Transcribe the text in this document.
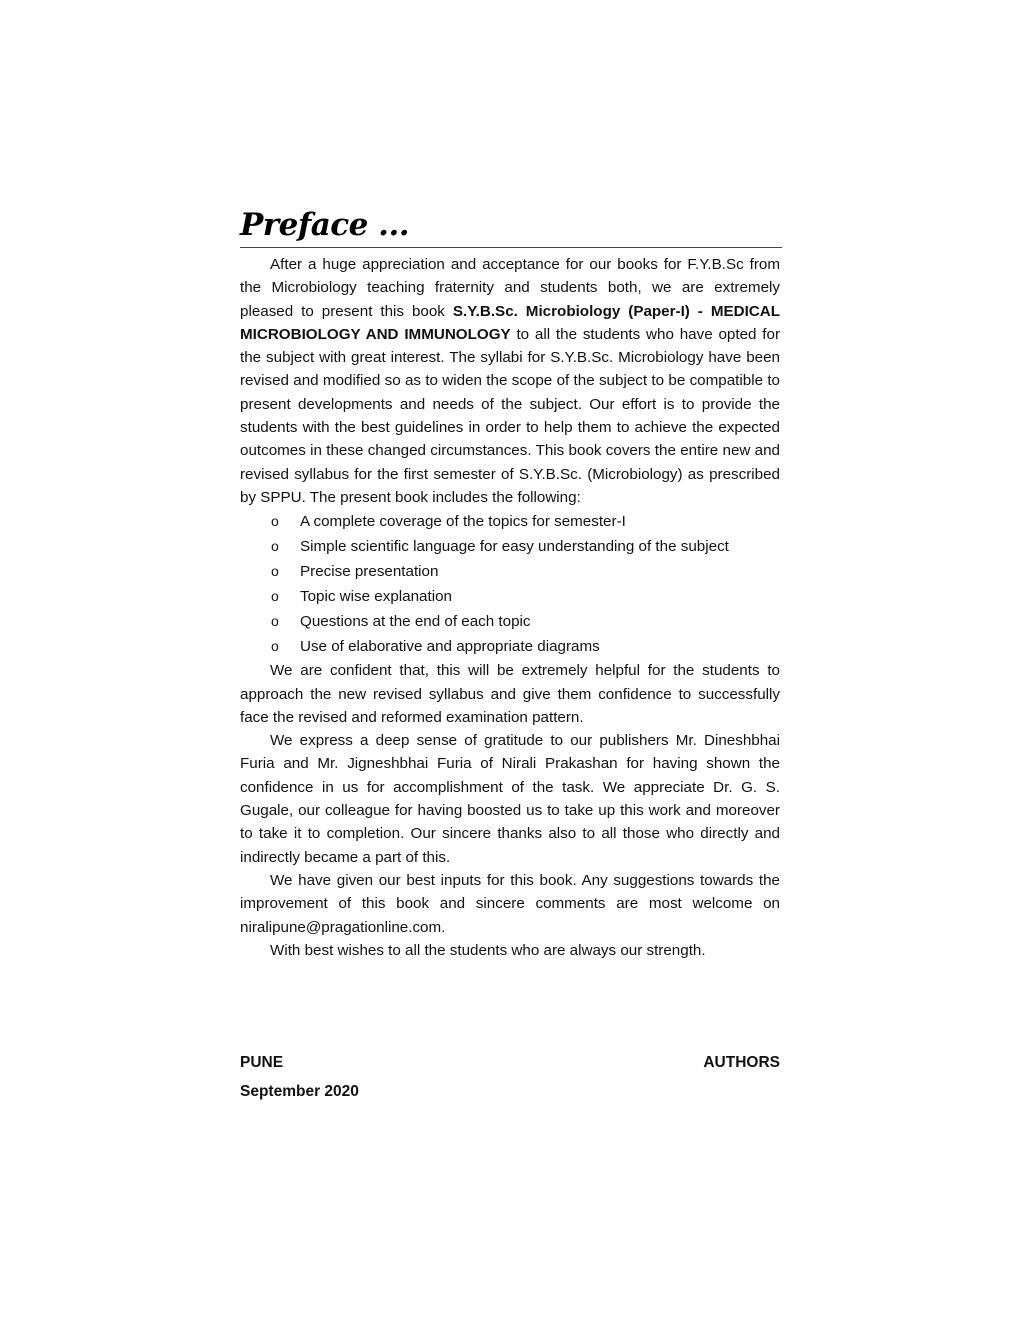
Preface ...

After a huge appreciation and acceptance for our books for F.Y.B.Sc from the Microbiology teaching fraternity and students both, we are extremely pleased to present this book S.Y.B.Sc. Microbiology (Paper-I) - MEDICAL MICROBIOLOGY AND IMMUNOLOGY to all the students who have opted for the subject with great interest. The syllabi for S.Y.B.Sc. Microbiology have been revised and modified so as to widen the scope of the subject to be compatible to present developments and needs of the subject. Our effort is to provide the students with the best guidelines in order to help them to achieve the expected outcomes in these changed circumstances. This book covers the entire new and revised syllabus for the first semester of S.Y.B.Sc. (Microbiology) as prescribed by SPPU. The present book includes the following:

o A complete coverage of the topics for semester-I
o Simple scientific language for easy understanding of the subject
o Precise presentation
o Topic wise explanation
o Questions at the end of each topic
o Use of elaborative and appropriate diagrams

We are confident that, this will be extremely helpful for the students to approach the new revised syllabus and give them confidence to successfully face the revised and reformed examination pattern.

We express a deep sense of gratitude to our publishers Mr. Dineshbhai Furia and Mr. Jigneshbhai Furia of Nirali Prakashan for having shown the confidence in us for accomplishment of the task. We appreciate Dr. G. S. Gugale, our colleague for having boosted us to take up this work and moreover to take it to completion. Our sincere thanks also to all those who directly and indirectly became a part of this.

We have given our best inputs for this book. Any suggestions towards the improvement of this book and sincere comments are most welcome on niralipune@pragationline.com.

With best wishes to all the students who are always our strength.

PUNE	AUTHORS
September 2020
